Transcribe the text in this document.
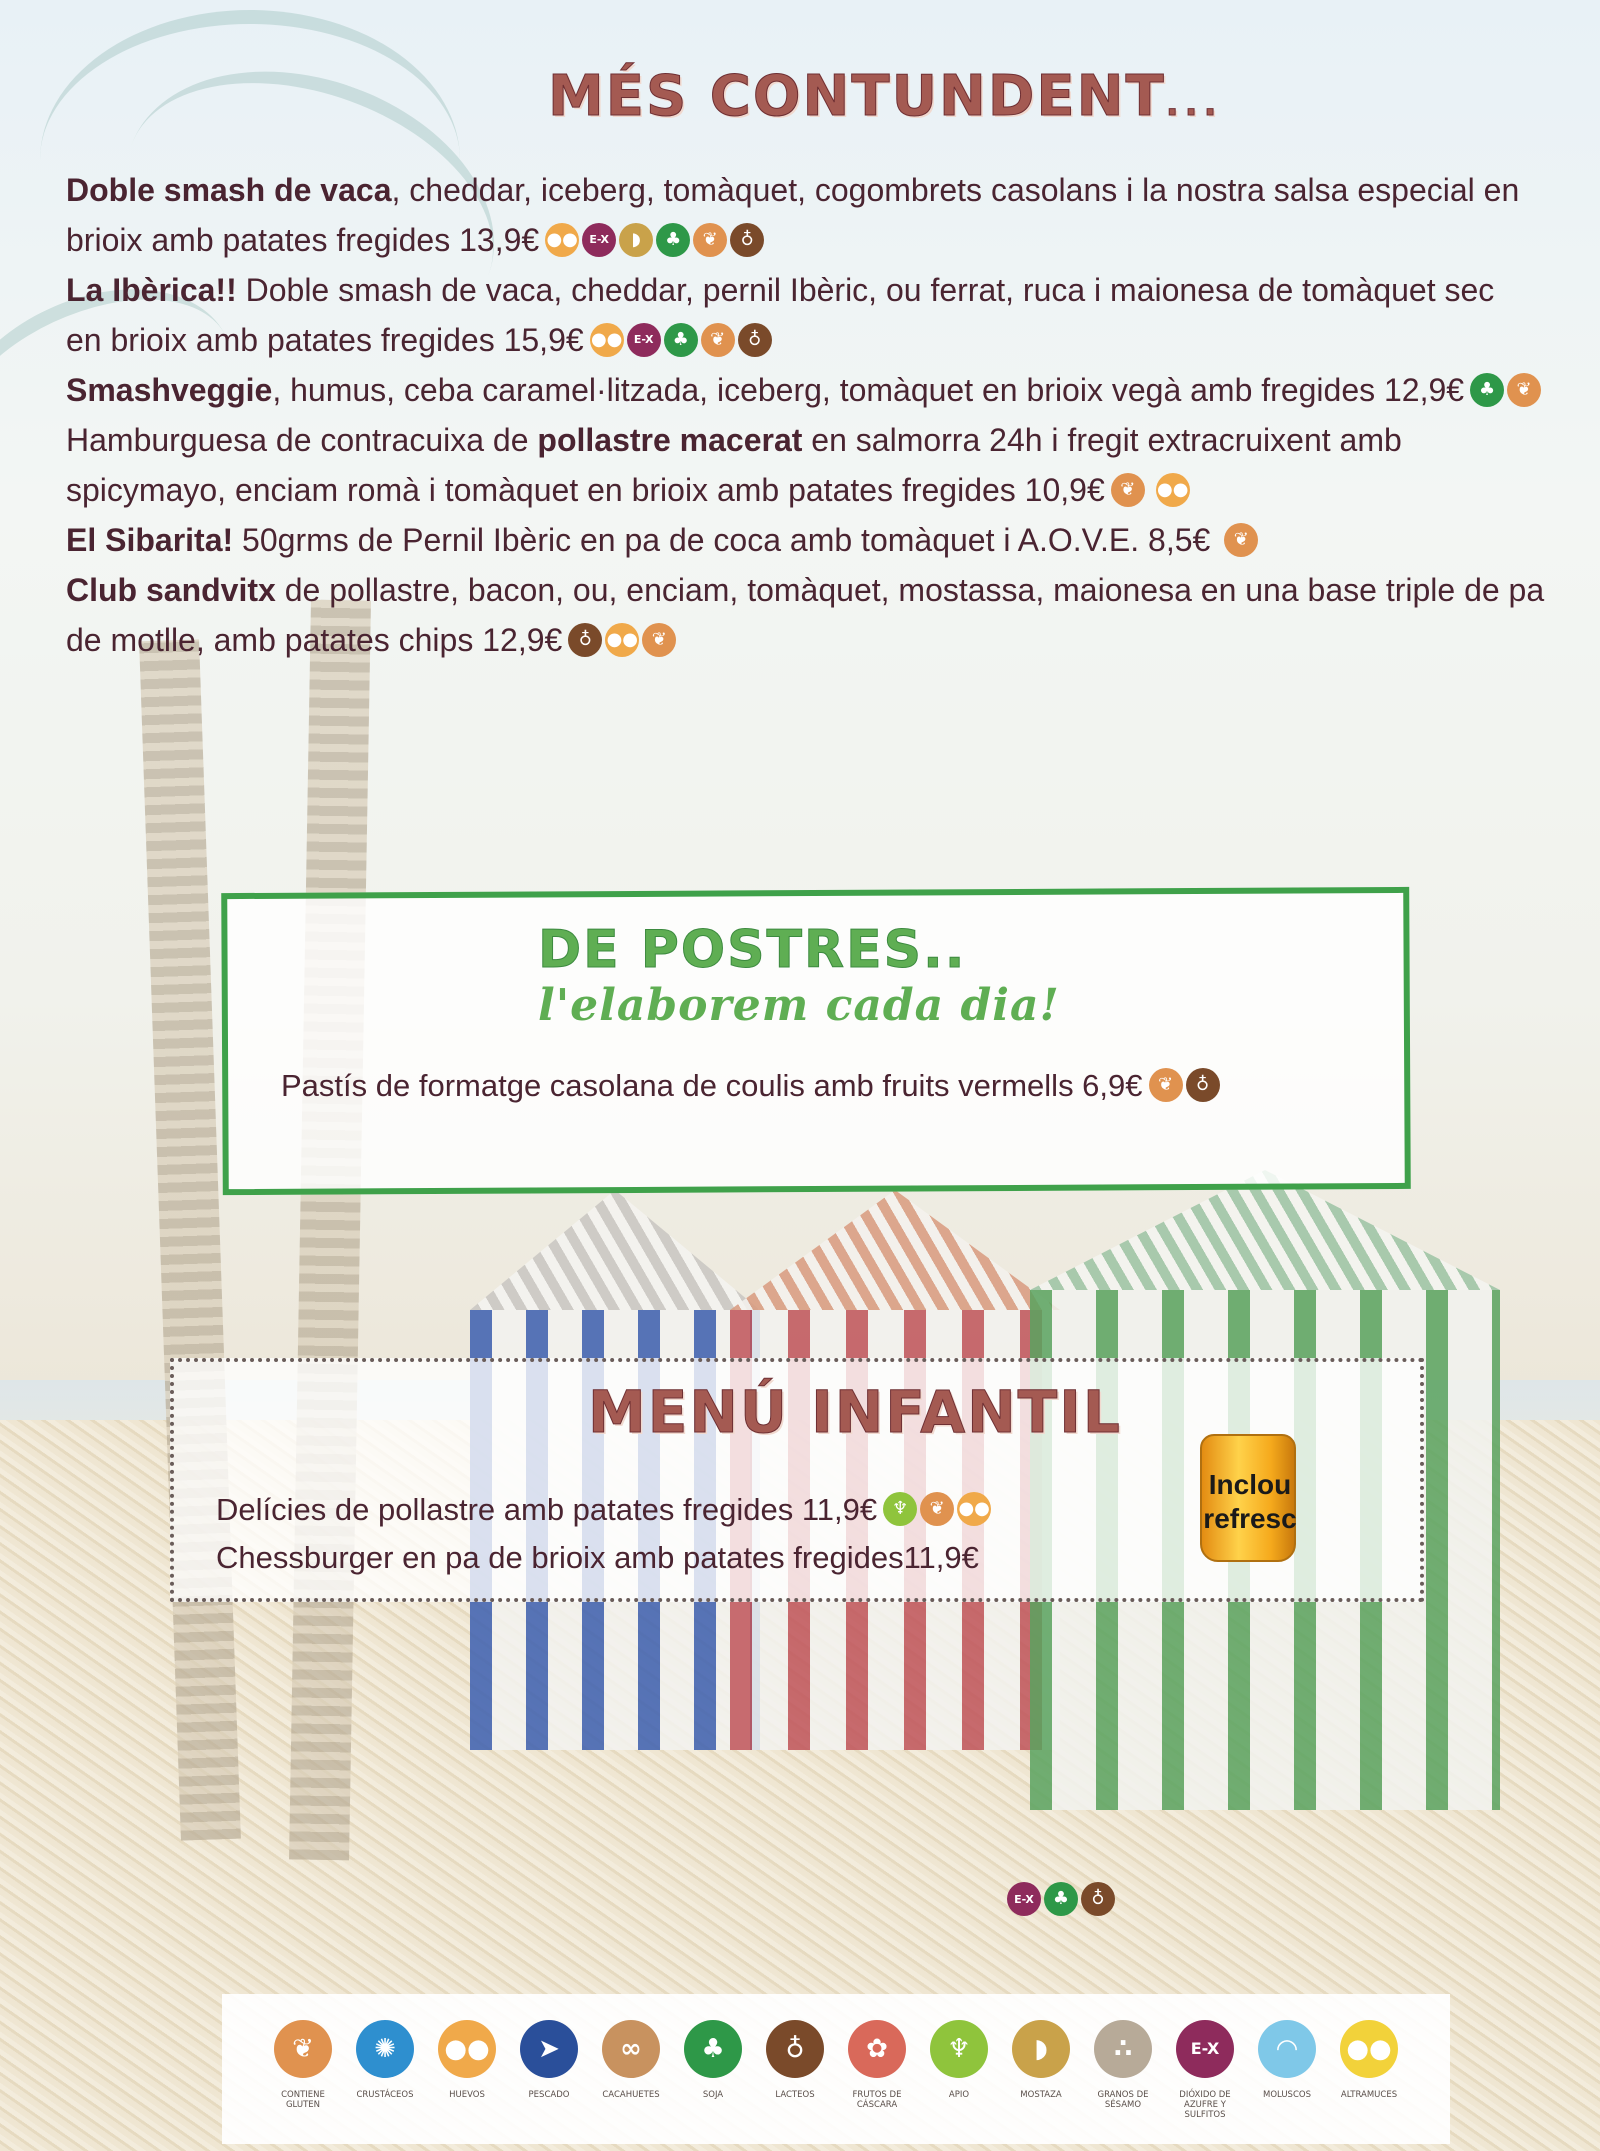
MÉS CONTUNDENT...

Doble smash de vaca, cheddar, iceberg, tomàquet, cogombrets casolans i la nostra salsa especial en

brioix amb patates fregides 13,9€ ●●	E-X	◗	♣	❦	♁

La Ibèrica!! Doble smash de vaca, cheddar, pernil Ibèric, ou ferrat, ruca i maionesa de tomàquet sec

en brioix amb patates fregides 15,9€ ●●	E-X	♣	❦	♁

Smashveggie, humus, ceba caramel·litzada, iceberg, tomàquet en brioix vegà amb fregides 12,9€ ♣	❦

Hamburguesa de contracuixa de pollastre macerat en salmorra 24h i fregit extracruixent amb

spicymayo, enciam romà i tomàquet en brioix amb patates fregides 10,9€ ❦	●●

El Sibarita! 50grms de Pernil Ibèric en pa de coca amb tomàquet i A.O.V.E. 8,5€	❦

Club sandvitx de pollastre, bacon, ou, enciam, tomàquet, mostassa, maionesa en una base triple de pa

de motlle, amb patates chips 12,9€ ♁ ●● ❦

DE POSTRES..
l'elaborem cada dia!

Pastís de formatge casolana de coulis amb fruits vermells 6,9€ ❦	♁

MENÚ INFANTIL

Delícies de pollastre amb patates fregides 11,9€ ♆	❦ ●●

Chessburger en pa de brioix amb patates fregides11,9€

Inclou
refresc
E-X	♣	♁
❦
CONTIENE GLUTEN
✺
CRUSTÁCEOS
●●
HUEVOS
➤
PESCADO
∞
CACAHUETES
♣
SOJA
♁
LACTEOS
✿
FRUTOS DE CÁSCARA
♆
APIO
◗
MOSTAZA
∴
GRANOS DE SÉSAMO
E-X
DIÓXIDO DE AZUFRE Y SULFITOS
◠
MOLUSCOS
●●
ALTRAMUCES
